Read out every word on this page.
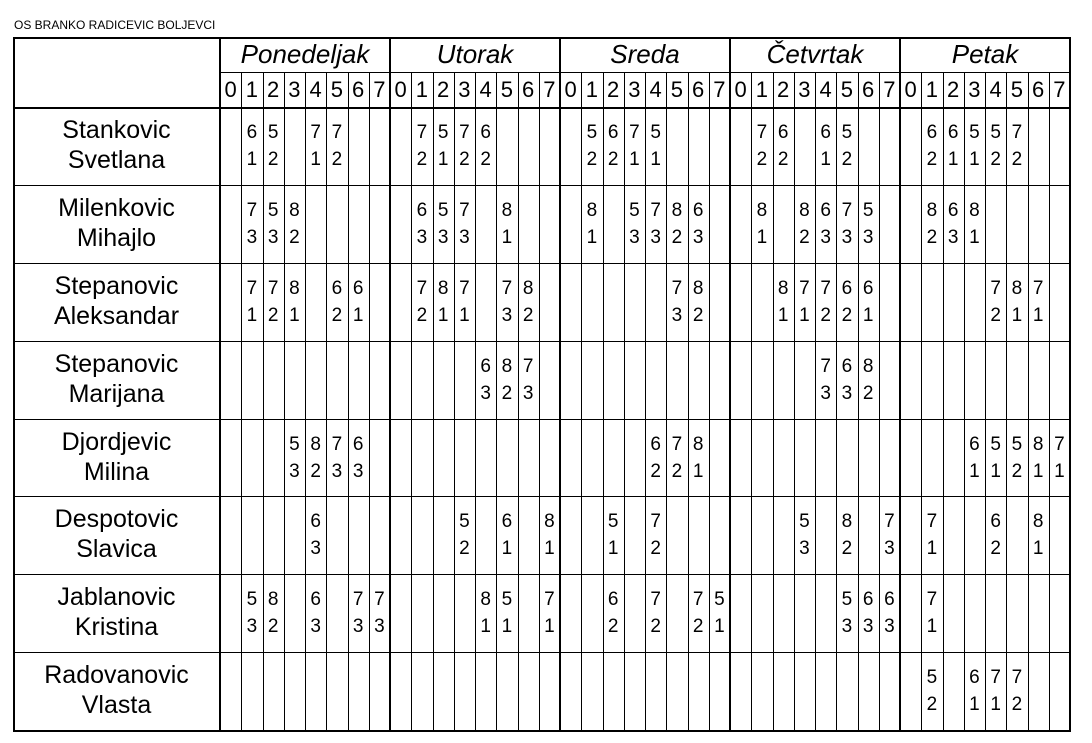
OS BRANKO RADICEVIC BOLJEVCI
Ponedeljak
0 1 2 3 4 5 6 7
Utorak
0 1 2 3 4 5 6 7
Sreda
0 1 2 3 4 5 6 7
Četvrtak
0 1 2 3 4 5 6 7
Petak
0 1 2 3 4 5 6 7
Stankovic
Svetlana
6
1
5
2
7
1
7
2
7
2
5
1
7
2
6
2
5
2
6
2
7
1
5
1
7
2
6
2
6
1
5
2
6
2
6
1
5
1
5
2
7
2
Milenkovic
Mihajlo
7
3
5
3
8
2
6
3
5
3
7
3
8
1
8
1
5
3
7
3
8
2
6
3
8
1
8
2
6
3
7
3
5
3
8
2
6
3
8
1
Stepanovic
Aleksandar
7
1
7
2
8
1
6
2
6
1
7
2
8
1
7
1
7
3
8
2
7
3
8
2
8
1
7
1
7
2
6
2
6
1
7
2
8
1
7
1
Stepanovic
Marijana
6
3
8
2
7
3
7
3
6
3
8
2
Djordjevic
Milina
5
3
8
2
7
3
6
3
6
2
7
2
8
1
6
1
5
1
5
2
8
1
7
1
Despotovic
Slavica
6
3
5
2
6
1
8
1
5
1
7
2
5
3
8
2
7
3
7
1
6
2
8
1
Jablanovic
Kristina
5
3
8
2
6
3
7
3
7
3
8
1
5
1
7
1
6
2
7
2
7
2
5
1
5
3
6
3
6
3
7
1
Radovanovic
Vlasta
5
2
6
1
7
1
7
2
